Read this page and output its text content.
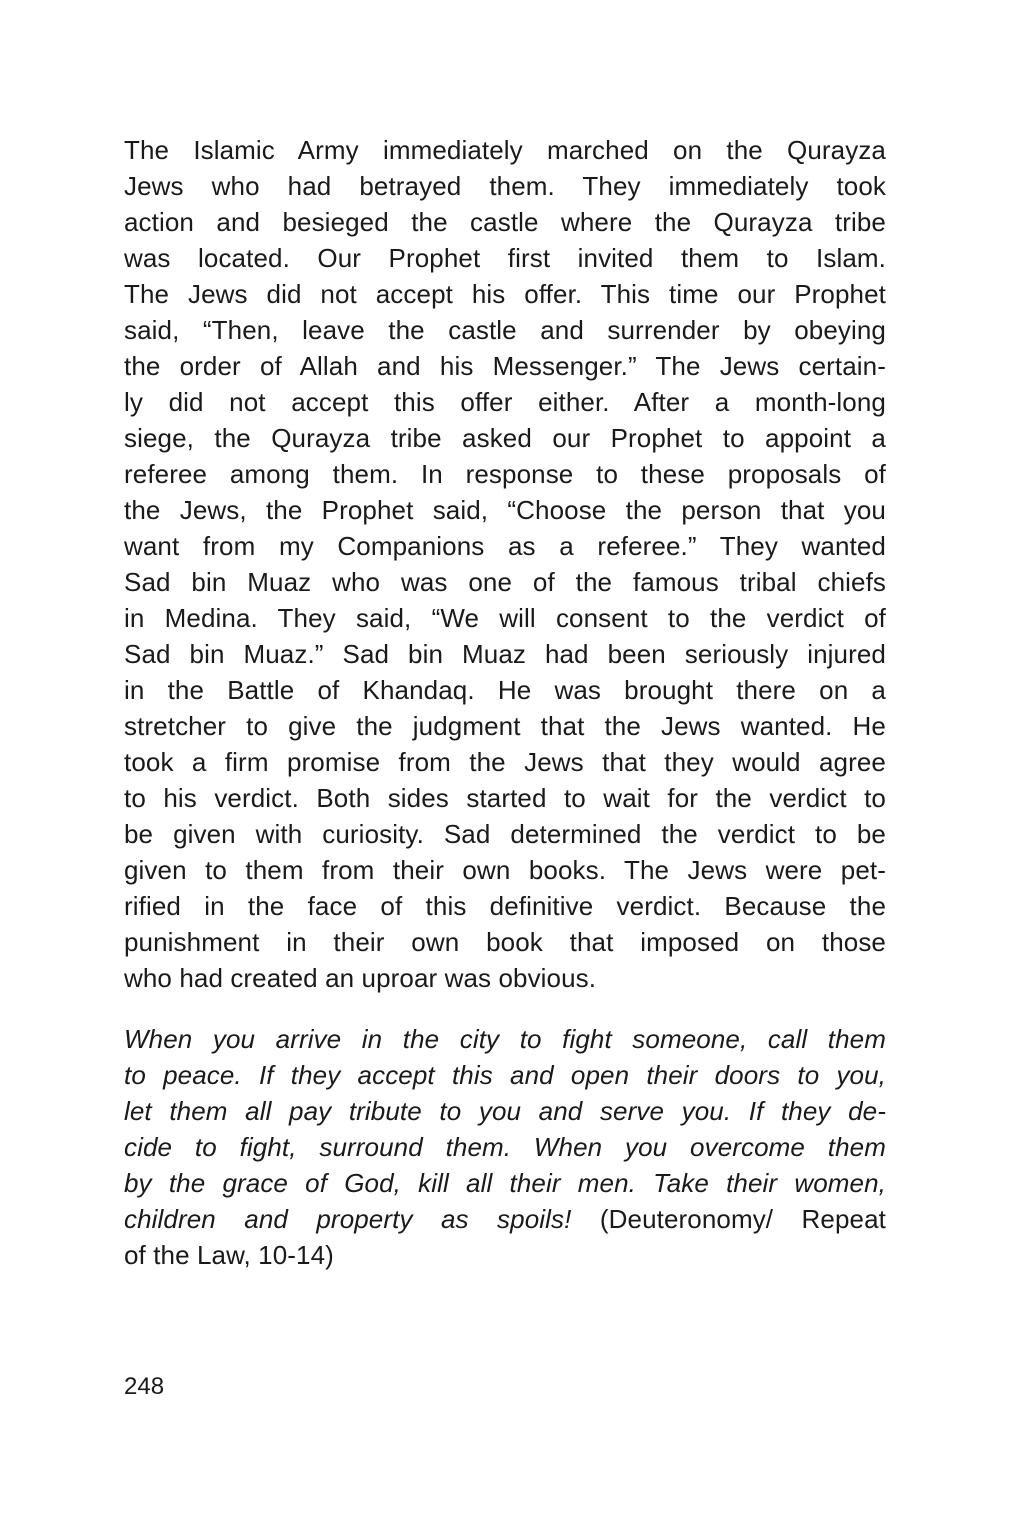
The Islamic Army immediately marched on the Qurayza
Jews who had betrayed them. They immediately took
action and besieged the castle where the Qurayza tribe
was located. Our Prophet first invited them to Islam.
The Jews did not accept his offer. This time our Prophet
said, “Then, leave the castle and surrender by obeying
the order of Allah and his Messenger.” The Jews certain-
ly did not accept this offer either. After a month-long
siege, the Qurayza tribe asked our Prophet to appoint a
referee among them. In response to these proposals of
the Jews, the Prophet said, “Choose the person that you
want from my Companions as a referee.” They wanted
Sad bin Muaz who was one of the famous tribal chiefs
in Medina. They said, “We will consent to the verdict of
Sad bin Muaz.” Sad bin Muaz had been seriously injured
in the Battle of Khandaq. He was brought there on a
stretcher to give the judgment that the Jews wanted. He
took a firm promise from the Jews that they would agree
to his verdict. Both sides started to wait for the verdict to
be given with curiosity. Sad determined the verdict to be
given to them from their own books. The Jews were pet-
rified in the face of this definitive verdict. Because the
punishment in their own book that imposed on those
who had created an uproar was obvious.
When you arrive in the city to fight someone, call them
to peace. If they accept this and open their doors to you,
let them all pay tribute to you and serve you. If they de-
cide to fight, surround them. When you overcome them
by the grace of God, kill all their men. Take their women,
children and property as spoils! (Deuteronomy/ Repeat
of the Law, 10-14)
248
